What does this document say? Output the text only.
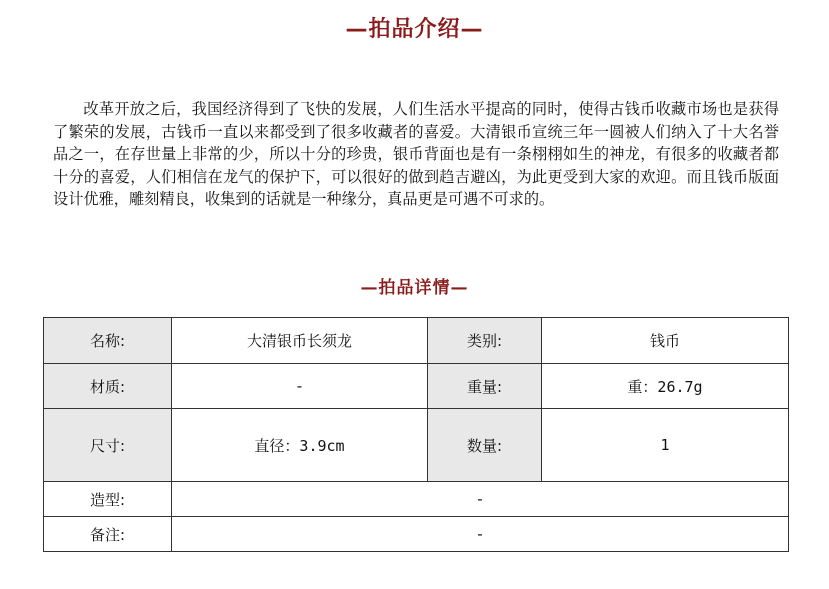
—拍品介绍—

改革开放之后，我国经济得到了飞快的发展，人们生活水平提高的同时，使得古钱币收藏市场也是获得了繁荣的发展，古钱币一直以来都受到了很多收藏者的喜爱。大清银币宣统三年一圆被人们纳入了十大名誉品之一，在存世量上非常的少，所以十分的珍贵，银币背面也是有一条栩栩如生的神龙，有很多的收藏者都十分的喜爱，人们相信在龙气的保护下，可以很好的做到趋吉避凶，为此更受到大家的欢迎。而且钱币版面设计优雅，雕刻精良，收集到的话就是一种缘分，真品更是可遇不可求的。

—拍品详情—
名称:	大清银币长须龙	类别:	钱币
材质:	-	重量:	重：26.7g
尺寸:	直径：3.9cm	数量:	1
造型:	-		
备注:	-		
